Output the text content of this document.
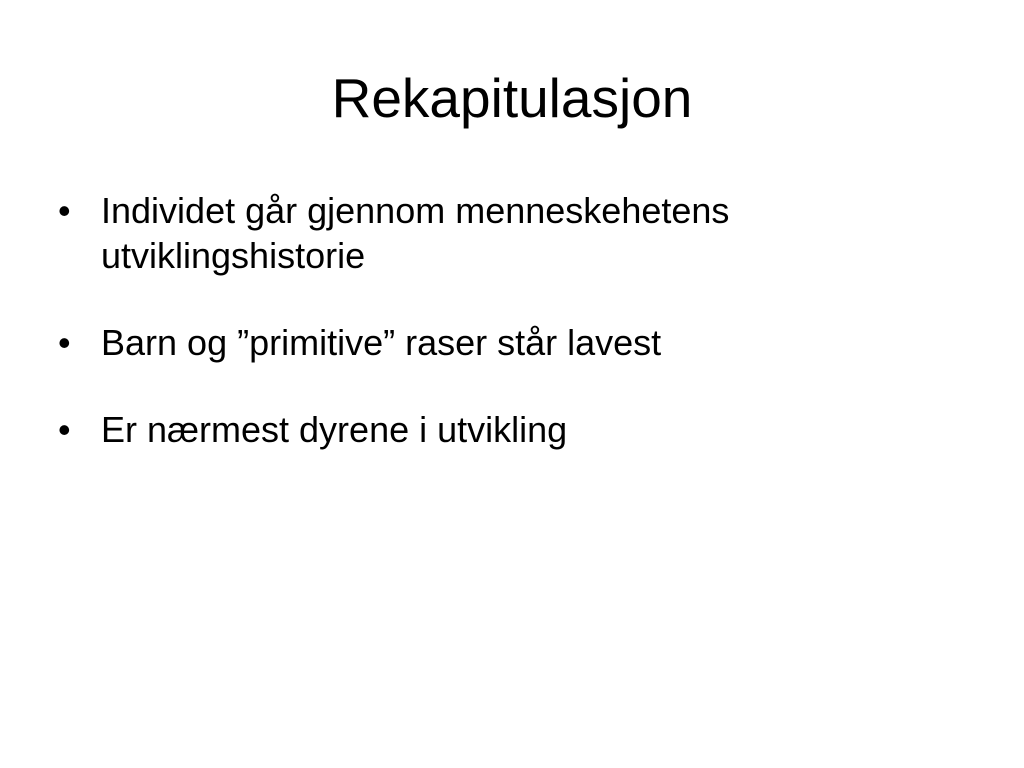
Rekapitulasjon
• Individet går gjennom menneskehetens utviklingshistorie
• Barn og ”primitive” raser står lavest
• Er nærmest dyrene i utvikling
